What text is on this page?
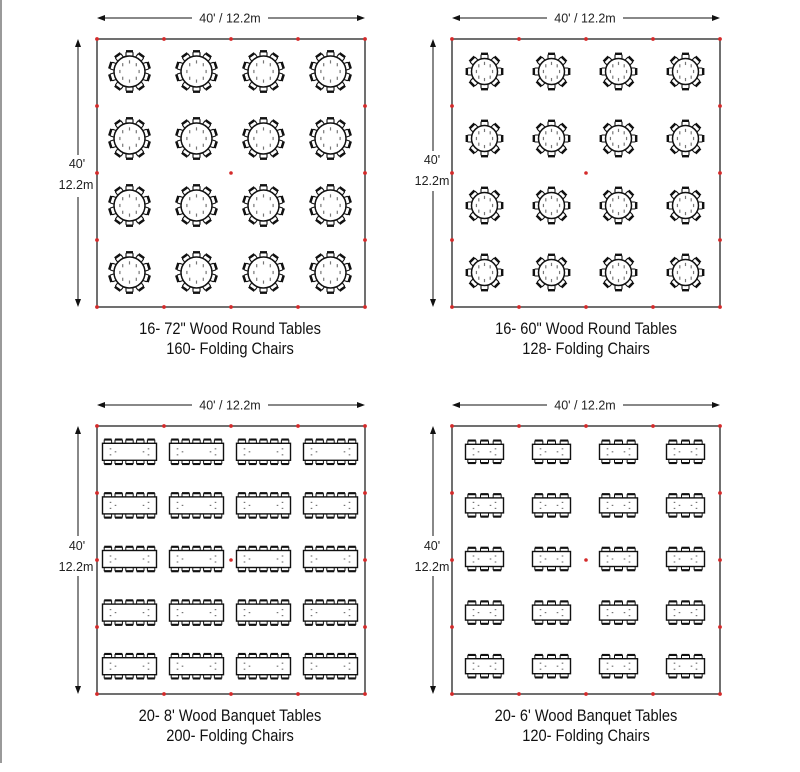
40' / 12.2m
40'
12.2m
16- 72" Wood Round Tables
160- Folding Chairs
40' / 12.2m
40'
12.2m
16- 60" Wood Round Tables
128- Folding Chairs
40' / 12.2m
40'
12.2m
20- 8' Wood Banquet Tables
200- Folding Chairs
40' / 12.2m
40'
12.2m
20- 6' Wood Banquet Tables
120- Folding Chairs
